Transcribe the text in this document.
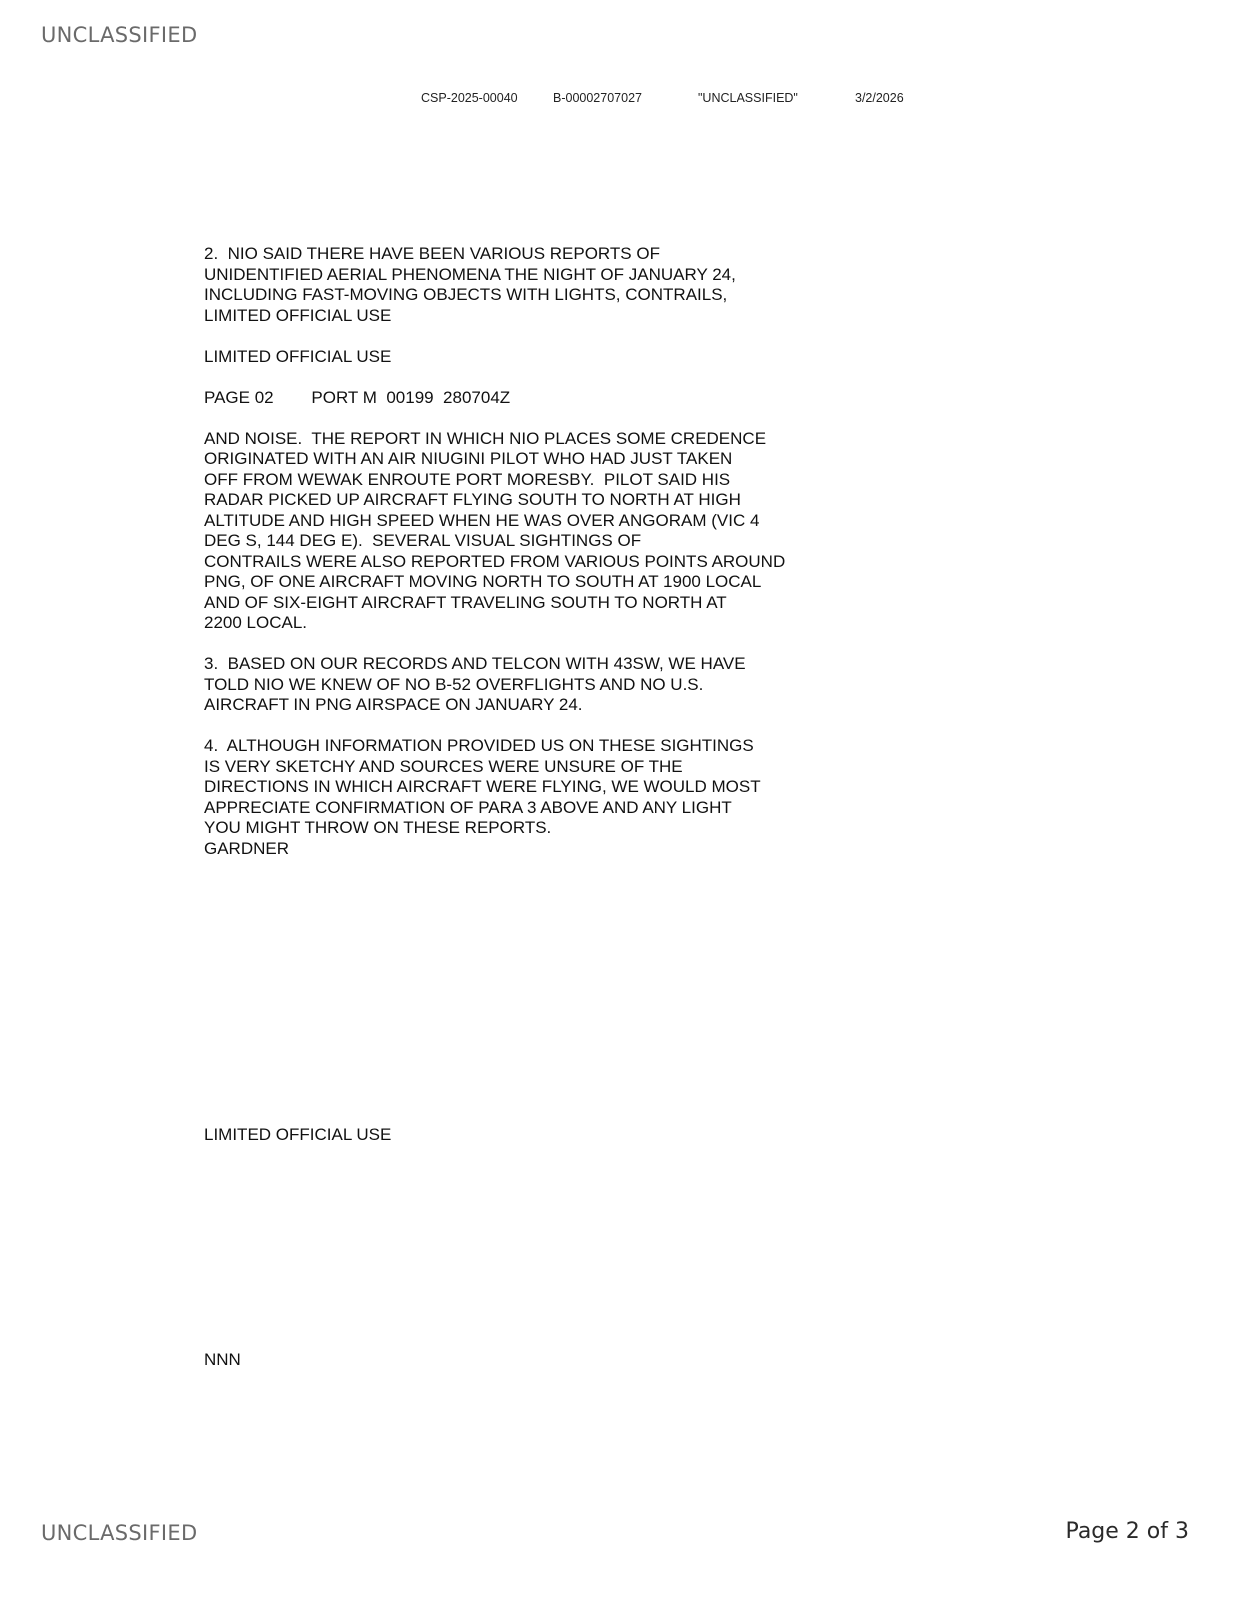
UNCLASSIFIED
CSP-2025-00040	B-00002707027	"UNCLASSIFIED"	3/2/2026
2.  NIO SAID THERE HAVE BEEN VARIOUS REPORTS OF
UNIDENTIFIED AERIAL PHENOMENA THE NIGHT OF JANUARY 24,
INCLUDING FAST-MOVING OBJECTS WITH LIGHTS, CONTRAILS,
LIMITED OFFICIAL USE
LIMITED OFFICIAL USE
PAGE 02        PORT M  00199  280704Z
AND NOISE.  THE REPORT IN WHICH NIO PLACES SOME CREDENCE
ORIGINATED WITH AN AIR NIUGINI PILOT WHO HAD JUST TAKEN
OFF FROM WEWAK ENROUTE PORT MORESBY.  PILOT SAID HIS
RADAR PICKED UP AIRCRAFT FLYING SOUTH TO NORTH AT HIGH
ALTITUDE AND HIGH SPEED WHEN HE WAS OVER ANGORAM (VIC 4
DEG S, 144 DEG E).  SEVERAL VISUAL SIGHTINGS OF
CONTRAILS WERE ALSO REPORTED FROM VARIOUS POINTS AROUND
PNG, OF ONE AIRCRAFT MOVING NORTH TO SOUTH AT 1900 LOCAL
AND OF SIX-EIGHT AIRCRAFT TRAVELING SOUTH TO NORTH AT
2200 LOCAL.
3.  BASED ON OUR RECORDS AND TELCON WITH 43SW, WE HAVE
TOLD NIO WE KNEW OF NO B-52 OVERFLIGHTS AND NO U.S.
AIRCRAFT IN PNG AIRSPACE ON JANUARY 24.
4.  ALTHOUGH INFORMATION PROVIDED US ON THESE SIGHTINGS
IS VERY SKETCHY AND SOURCES WERE UNSURE OF THE
DIRECTIONS IN WHICH AIRCRAFT WERE FLYING, WE WOULD MOST
APPRECIATE CONFIRMATION OF PARA 3 ABOVE AND ANY LIGHT
YOU MIGHT THROW ON THESE REPORTS.
GARDNER
LIMITED OFFICIAL USE
NNN
UNCLASSIFIED	Page 2 of 3
